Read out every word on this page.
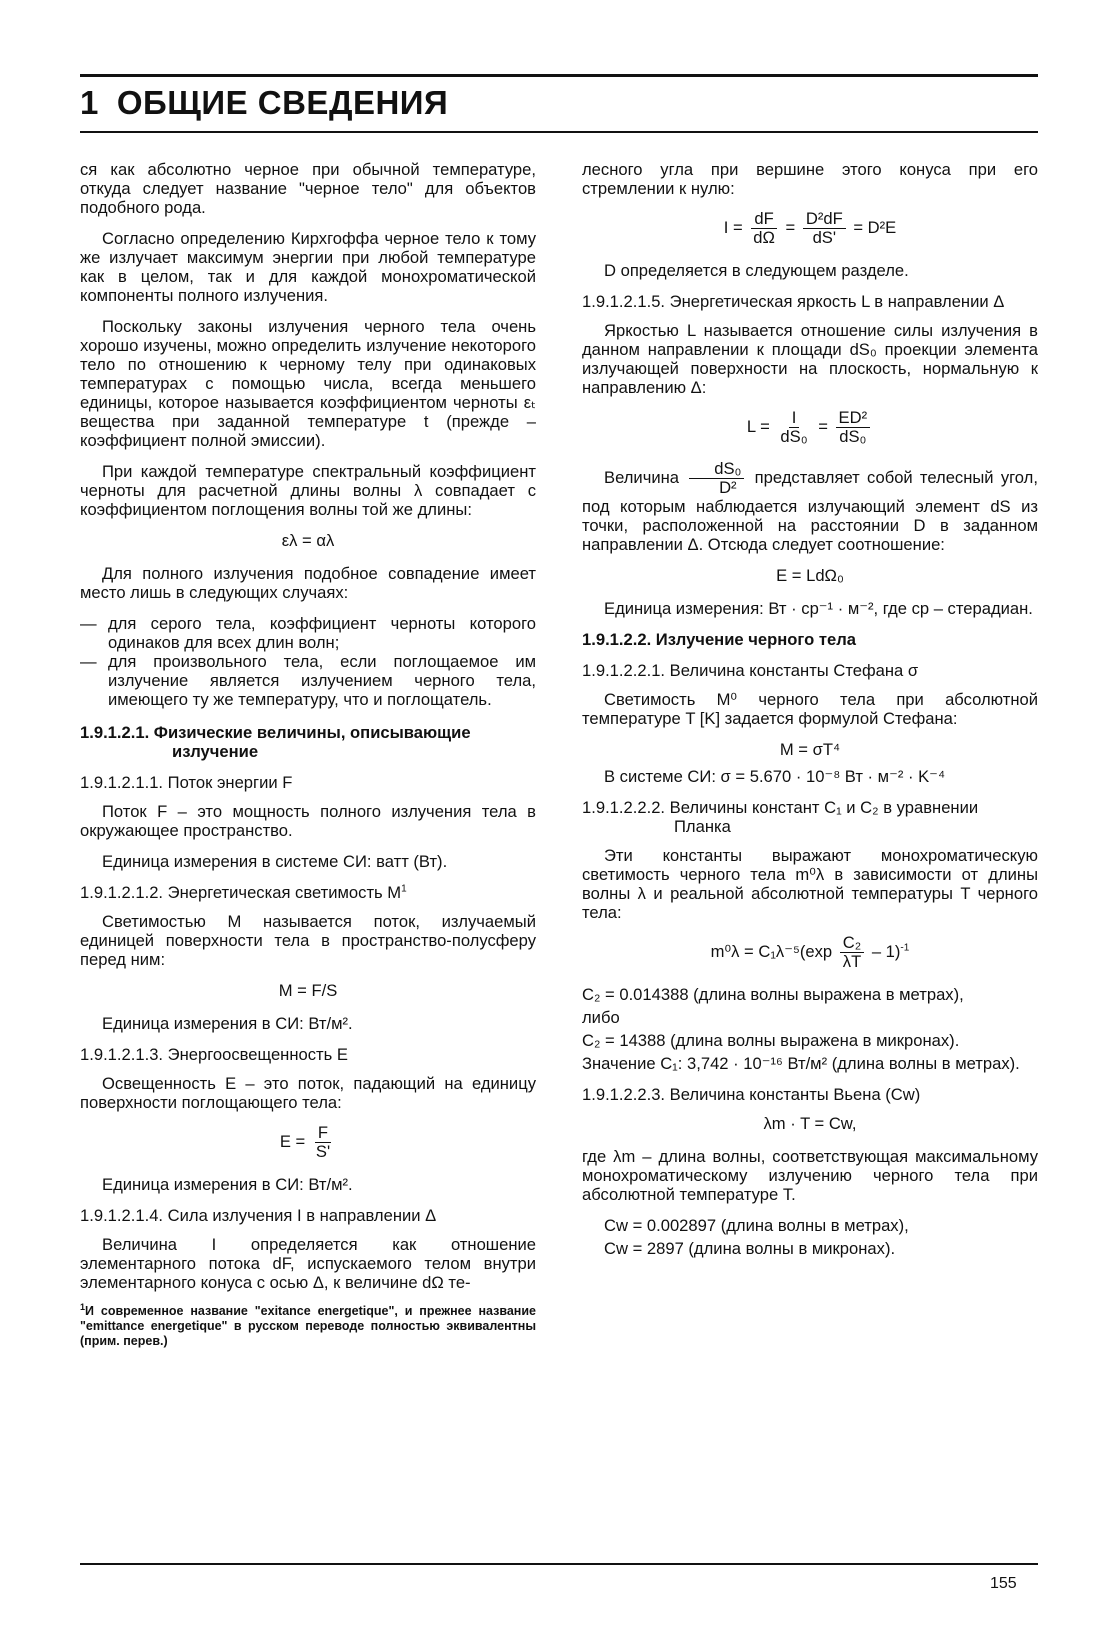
1 ОБЩИЕ СВЕДЕНИЯ

ся как абсолютно черное при обычной температуре, откуда следует название "черное тело" для объектов подобного рода.

Согласно определению Кирхгоффа черное тело к тому же излучает максимум энергии при любой температуре как в целом, так и для каждой монохроматической компоненты полного излучения.

Поскольку законы излучения черного тела очень хорошо изучены, можно определить излучение некоторого тело по отношению к черному телу при одинаковых температурах с помощью числа, всегда меньшего единицы, которое называется коэффициентом черноты εₜ вещества при заданной температуре t (прежде – коэффициент полной эмиссии).

При каждой температуре спектральный коэффициент черноты для расчетной длины волны λ совпадает с коэффициентом поглощения волны той же длины:

ελ = αλ

Для полного излучения подобное совпадение имеет место лишь в следующих случаях:

— для серого тела, коэффициент черноты которого одинаков для всех длин волн;
— для произвольного тела, если поглощаемое им излучение является излучением черного тела, имеющего ту же температуру, что и поглощатель.
1.9.1.2.1. Физические величины, описывающие излучение
1.9.1.2.1.1. Поток энергии F

Поток F – это мощность полного излучения тела в окружающее пространство.

Единица измерения в системе СИ: ватт (Вт).

1.9.1.2.1.2. Энергетическая светимость $M^1$

Светимостью M называется поток, излучаемый единицей поверхности тела в пространство-полусферу перед ним:

M = F/S

Единица измерения в СИ: Вт/м².

1.9.1.2.1.3. Энергоосвещенность E

Освещенность E – это поток, падающий на единицу поверхности поглощающего тела:

$E = \frac{F}{S'}$

Единица измерения в СИ: Вт/м².

1.9.1.2.1.4. Сила излучения I в направлении Δ

Величина I определяется как отношение элементарного потока dF, испускаемого телом внутри элементарного конуса с осью Δ, к величине dΩ те-

$^1$И современное название "exitance energetique", и прежнее название "emittance energetique" в русском переводе полностью эквивалентны (прим. перев.)

лесного угла при вершине этого конуса при его стремлении к нулю:

$I = \frac{dF}{d\Omega} = \frac{\text{D²dF}}{dS'} = D^2E$

D определяется в следующем разделе.

1.9.1.2.1.5. Энергетическая яркость L в направлении Δ

Яркостью L называется отношение силы излучения в данном направлении к площади dS₀ проекции элемента излучающей поверхности на плоскость, нормальную к направлению Δ:

$L = \frac{I}{\text{dS₀}} = \frac{\text{ED²}}{\text{dS₀}}$

Величина $\frac{\text{dS₀}}{\text{D²}}$ представляет собой телесный угол, под которым наблюдается излучающий элемент dS из точки, расположенной на расстоянии D в заданном направлении Δ. Отсюда следует соотношение:

E = LdΩ₀

Единица измерения: Вт · ср⁻¹ · м⁻², где ср – стерадиан.

1.9.1.2.2. Излучение черного тела
1.9.1.2.2.1. Величина константы Стефана σ

Светимость M⁰ черного тела при абсолютной температуре T [K] задается формулой Стефана:

M = σT⁴

В системе СИ: σ = 5.670 · 10⁻⁸ Вт · м⁻² · K⁻⁴

1.9.1.2.2.2. Величины констант C₁ и C₂ в уравнении Планка

Эти константы выражают монохроматическую светимость черного тела m⁰λ в зависимости от длины волны λ и реальной абсолютной температуры T черного тела:

$m^0\lambda = C_1\lambda^{-5}(\exp \frac{\text{C₂}}{\lambda T} - 1)^{-1}$

C₂ = 0.014388 (длина волны выражена в метрах),

либо

C₂ = 14388 (длина волны выражена в микронах).

Значение C₁: 3,742 · 10⁻¹⁶ Вт/м² (длина волны в метрах).

1.9.1.2.2.3. Величина константы Вьена (Cw)
λm · T = Cw,

где λm – длина волны, соответствующая максимальному монохроматическому излучению черного тела при абсолютной температуре T.

Cw = 0.002897 (длина волны в метрах),

Cw = 2897 (длина волны в микронах).

155
